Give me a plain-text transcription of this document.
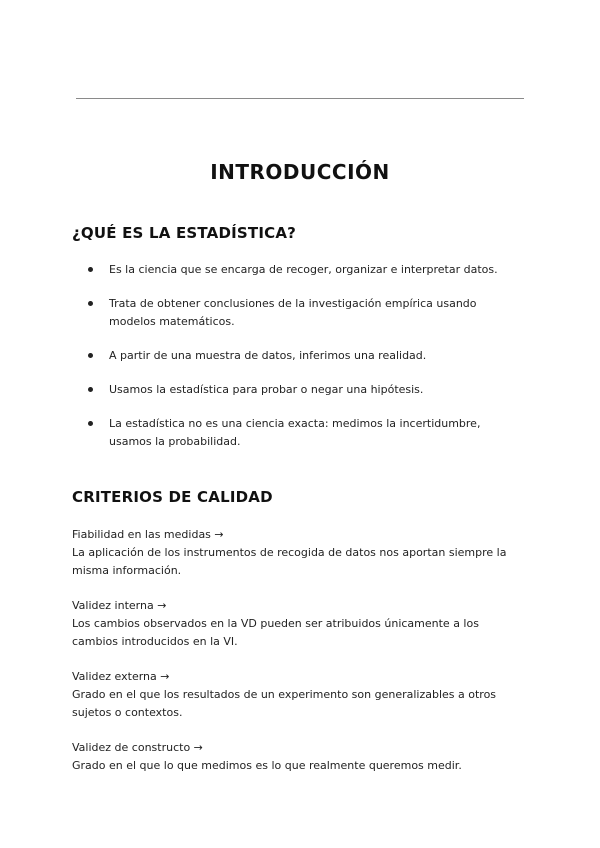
INTRODUCCIÓN
¿QUÉ ES LA ESTADÍSTICA?
Es la ciencia que se encarga de recoger, organizar e interpretar datos.
Trata de obtener conclusiones de la investigación empírica usando modelos matemáticos.
A partir de una muestra de datos, inferimos una realidad.
Usamos la estadística para probar o negar una hipótesis.
La estadística no es una ciencia exacta: medimos la incertidumbre, usamos la probabilidad.
CRITERIOS DE CALIDAD
Fiabilidad en las medidas →
La aplicación de los instrumentos de recogida de datos nos aportan siempre la misma información.
Validez interna →
Los cambios observados en la VD pueden ser atribuidos únicamente a los cambios introducidos en la VI.
Validez externa →
Grado en el que los resultados de un experimento son generalizables a otros sujetos o contextos.
Validez de constructo →
Grado en el que lo que medimos es lo que realmente queremos medir.
